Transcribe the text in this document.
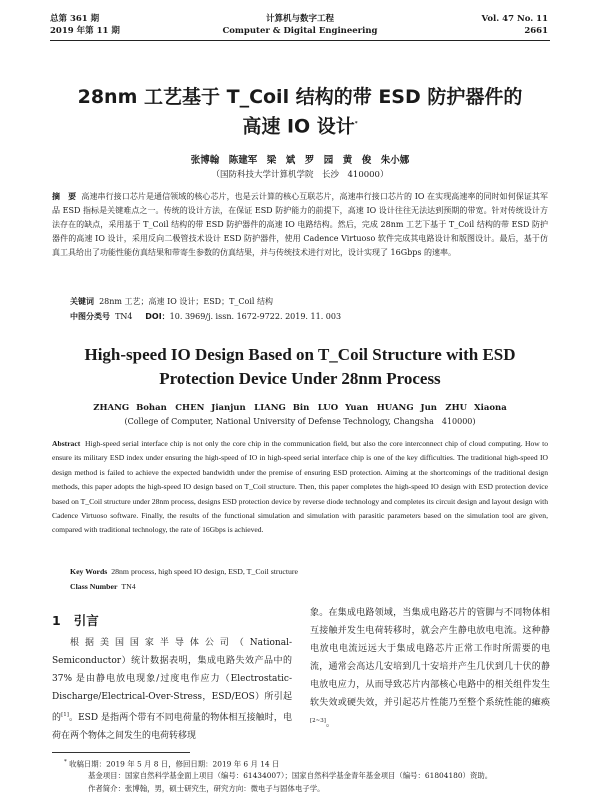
总第 361 期
2019 年第 11 期
计算机与数字工程
Computer & Digital Engineering
Vol. 47 No. 11
2661
28nm 工艺基于 T_Coil 结构的带 ESD 防护器件的
高速 IO 设计*
张博翰　陈建军　梁　斌　罗　园　黄　俊　朱小娜
（国防科技大学计算机学院　长沙　410000）
摘　要 高速串行接口芯片是通信领域的核心芯片，也是云计算的核心互联芯片，高速串行接口芯片的 IO 在实现高速率的同时如何保证其军品 ESD 指标是关键难点之一。传统的设计方法，在保证 ESD 防护能力的前提下，高速 IO 设计往往无法达到预期的带宽。针对传统设计方法存在的缺点，采用基于 T_Coil 结构的带 ESD 防护器件的高速 IO 电路结构。然后，完成 28nm 工艺下基于 T_Coil 结构的带 ESD 防护器件的高速 IO 设计，采用反向二极管技术设计 ESD 防护器件，使用 Cadence Virtuoso 软件完成其电路设计和版图设计。最后，基于仿真工具给出了功能性能仿真结果和带寄生参数的仿真结果，并与传统技术进行对比，设计实现了 16Gbps 的速率。
关键词 28nm 工艺；高速 IO 设计；ESD；T_Coil 结构
中图分类号 TN4 DOI：10. 3969/j. issn. 1672-9722. 2019. 11. 003
High-speed IO Design Based on T_Coil Structure with ESD
Protection Device Under 28nm Process
ZHANG Bohan　CHEN Jianjun　LIANG Bin　LUO Yuan　HUANG Jun　ZHU Xiaona
(College of Computer, National University of Defense Technology, Changsha　410000)
Abstract High-speed serial interface chip is not only the core chip in the communication field, but also the core interconnect chip of cloud computing. How to ensure its military ESD index under ensuring the high-speed of IO in high-speed serial interface chip is one of the key difficulties. The traditional high-speed IO design method is failed to achieve the expected bandwidth under the premise of ensuring ESD protection. Aiming at the shortcomings of the traditional design methods, this paper adopts the high-speed IO design based on T_Coil structure. Then, this paper completes the high-speed IO design with ESD protection device based on T_Coil structure under 28nm process, designs ESD protection device by reverse diode technology and completes its circuit design and layout design with Cadence Virtuoso software. Finally, the results of the functional simulation and simulation with parasitic parameters based on the simulation tool are given, compared with traditional technology, the rate of 16Gbps is achieved.
Key Words 28nm process, high speed IO design, ESD, T_Coil structure
Class Number TN4
1 引言
根据美国国家半导体公司（National-Semiconductor）统计数据表明，集成电路失效产品中的 37% 是由静电放电现象/过度电作应力（Electrostatic-Discharge/Electrical-Over-Stress，ESD/EOS）所引起的[1]。ESD 是指两个带有不同电荷量的物体相互接触时，电荷在两个物体之间发生的电荷转移现
象。在集成电路领域，当集成电路芯片的管脚与不同物体相互接触并发生电荷转移时，就会产生静电放电电流。这种静电放电电流远远大于集成电路芯片正常工作时所需要的电流，通常会高达几安培到几十安培并产生几伏到几十伏的静电放电应力，从而导致芯片内部核心电路中的相关组件发生软失效或硬失效，并引起芯片性能乃至整个系统性能的瘫痪[2~3]。
* 收稿日期：2019 年 5 月 8 日，修回日期：2019 年 6 月 14 日
基金项目：国家自然科学基金面上项目（编号：61434007）；国家自然科学基金青年基金项目（编号：61804180）资助。
作者简介：张博翰，男，硕士研究生，研究方向：微电子与固体电子学。
